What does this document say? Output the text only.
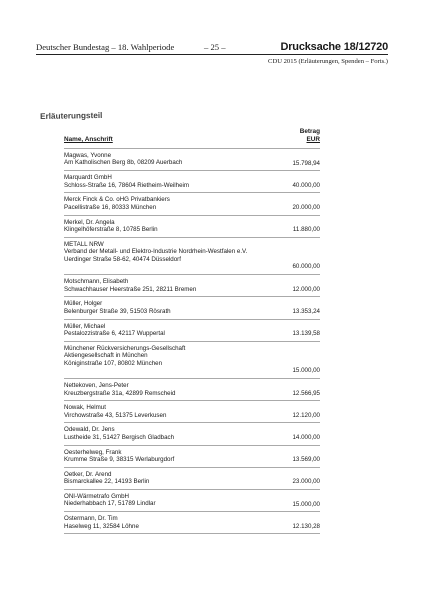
Deutscher Bundestag – 18. Wahlperiode	– 25 –	Drucksache 18/12720
CDU 2015 (Erläuterungen, Spenden – Forts.)
Erläuterungsteil
Name, Anschrift
Betrag
EUR
Magwas, Yvonne
Am Katholischen Berg 8b, 08209 Auerbach	15.798,94
Marquardt GmbH
Schloss-Straße 16, 78604 Rietheim-Weilheim	40.000,00
Merck Finck & Co. oHG Privatbankiers
Pacellistraße 16, 80333 München	20.000,00
Merkel, Dr. Angela
Klingelhöferstraße 8, 10785 Berlin	11.880,00
METALL NRW
Verband der Metall- und Elektro-Industrie Nordrhein-Westfalen e.V.
Uerdinger Straße 58-62, 40474 Düsseldorf
60.000,00
Motschmann, Elisabeth
Schwachhauser Heerstraße 251, 28211 Bremen	12.000,00
Müller, Holger
Belenburger Straße 39, 51503 Rösrath	13.353,24
Müller, Michael
Pestalozzistraße 6, 42117 Wuppertal	13.139,58
Münchener Rückversicherungs-Gesellschaft
Aktiengesellschaft in München
Königinstraße 107, 80802 München
15.000,00
Nettekoven, Jens-Peter
Kreuzbergstraße 31a, 42899 Remscheid	12.566,95
Nowak, Helmut
Virchowstraße 43, 51375 Leverkusen	12.120,00
Odewald, Dr. Jens
Lustheide 31, 51427 Bergisch Gladbach	14.000,00
Oesterhelweg, Frank
Krumme Straße 9, 38315 Werlaburgdorf	13.569,00
Oetker, Dr. Arend
Bismarckallee 22, 14193 Berlin	23.000,00
ONI-Wärmetrafo GmbH
Niederhabbach 17, 51789 Lindlar	15.000,00
Ostermann, Dr. Tim
Haselweg 11, 32584 Löhne	12.130,28
